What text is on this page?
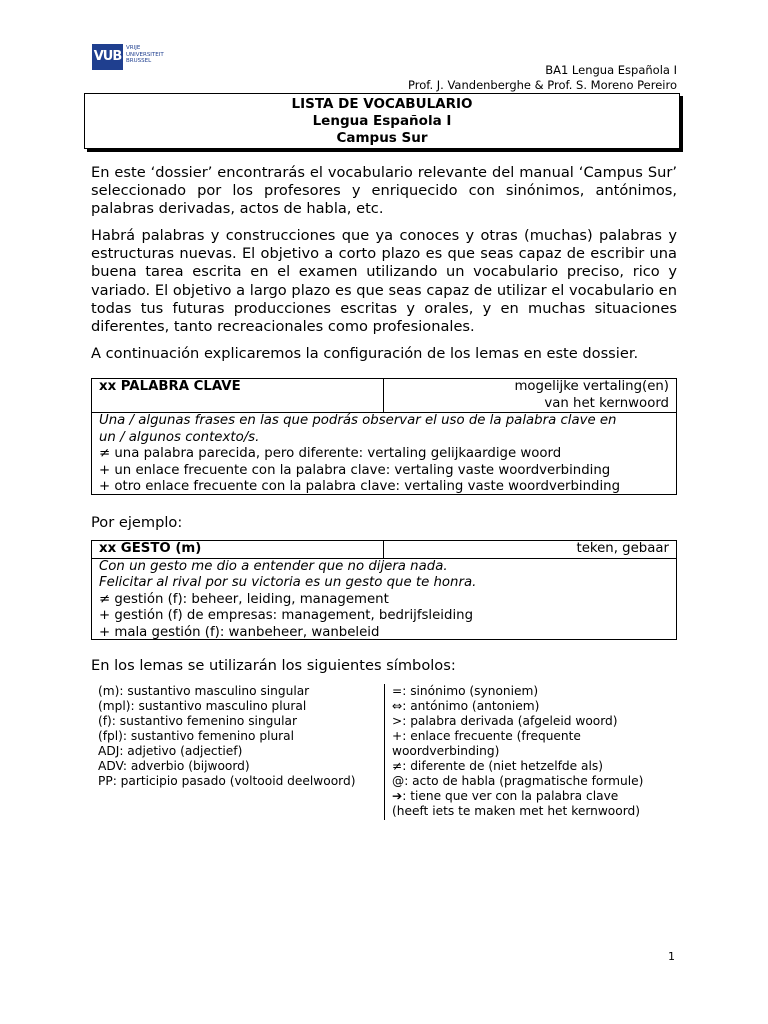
VUB
VRIJE
UNIVERSITEIT
BRUSSEL
BA1 Lengua Española I
Prof. J. Vandenberghe & Prof. S. Moreno Pereiro
LISTA DE VOCABULARIO
Lengua Española I
Campus Sur

En este ‘dossier’ encontrarás el vocabulario relevante del manual ‘Campus Sur’ seleccionado por los profesores y enriquecido con sinónimos, antónimos, palabras derivadas, actos de habla, etc.

Habrá palabras y construcciones que ya conoces y otras (muchas) palabras y estructuras nuevas. El objetivo a corto plazo es que seas capaz de escribir una buena tarea escrita en el examen utilizando un vocabulario preciso, rico y variado. El objetivo a largo plazo es que seas capaz de utilizar el vocabulario en todas tus futuras producciones escritas y orales, y en muchas situaciones diferentes, tanto recreacionales como profesionales.

A continuación explicaremos la configuración de los lemas en este dossier.

xx PALABRA CLAVE	mogelijke vertaling(en)
van het kernwoord
Una / algunas frases en las que podrás observar el uso de la palabra clave en
un / algunos contexto/s.
≠ una palabra parecida, pero diferente: vertaling gelijkaardige woord
+ un enlace frecuente con la palabra clave: vertaling vaste woordverbinding
+ otro enlace frecuente con la palabra clave: vertaling vaste woordverbinding

Por ejemplo:

xx GESTO (m)	teken, gebaar
Con un gesto me dio a entender que no dijera nada.
Felicitar al rival por su victoria es un gesto que te honra.
≠ gestión (f): beheer, leiding, management
+ gestión (f) de empresas: management, bedrijfsleiding
+ mala gestión (f): wanbeheer, wanbeleid

En los lemas se utilizarán los siguientes símbolos:

(m): sustantivo masculino singular
(mpl): sustantivo masculino plural
(f): sustantivo femenino singular
(fpl): sustantivo femenino plural
ADJ: adjetivo (adjectief)
ADV: adverbio (bijwoord)
PP: participio pasado (voltooid deelwoord)
=: sinónimo (synoniem)
⇔: antónimo (antoniem)
>: palabra derivada (afgeleid woord)
+: enlace frecuente (frequente
woordverbinding)
≠: diferente de (niet hetzelfde als)
@: acto de habla (pragmatische formule)
➔: tiene que ver con la palabra clave
(heeft iets te maken met het kernwoord)
1
